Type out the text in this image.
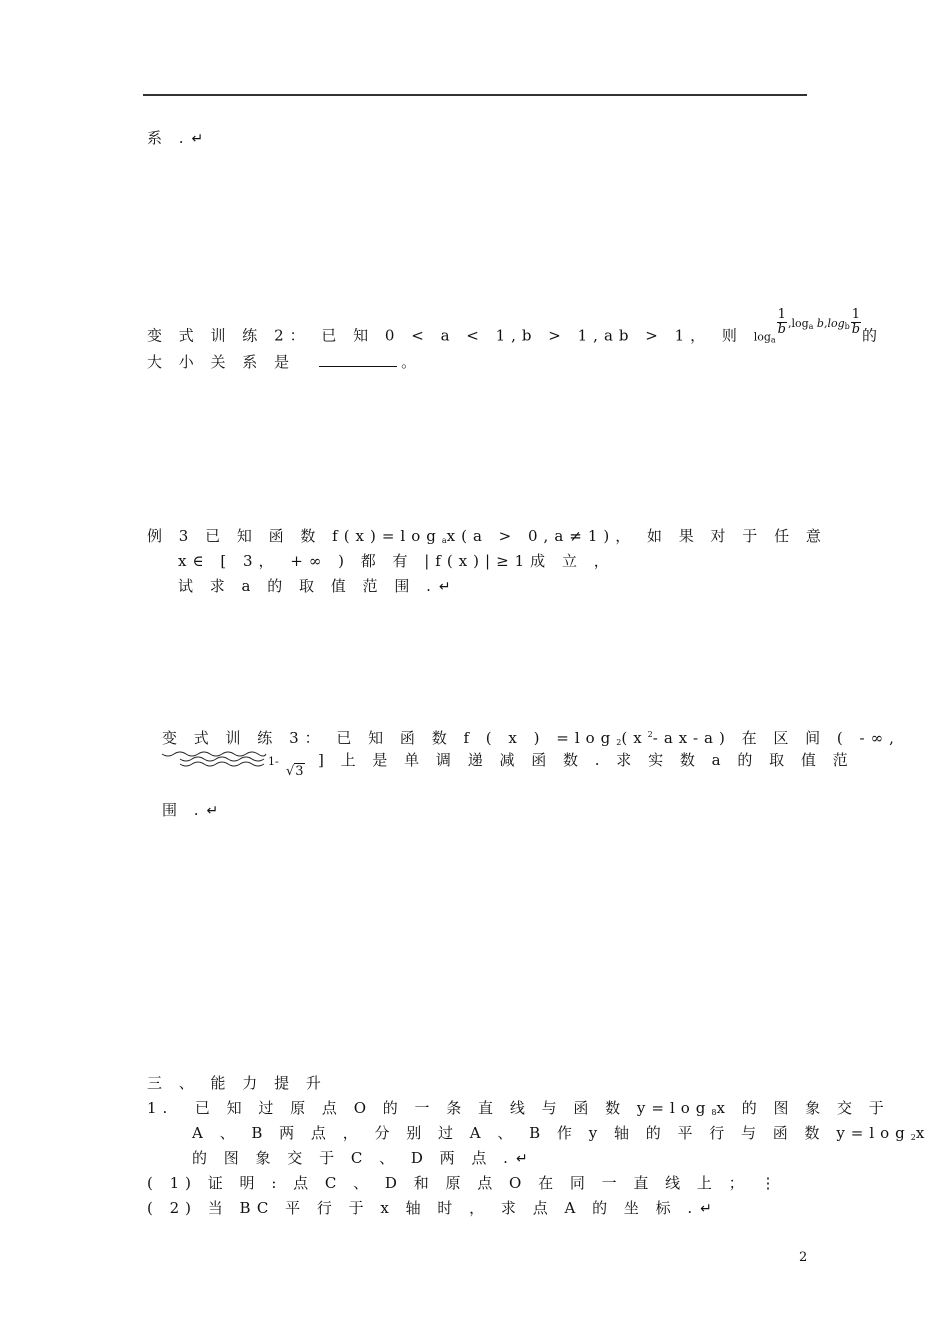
系 . ↵
变 式 训 练 2： 已 知 0 < a < 1,b > 1,ab > 1， 则 $\log_a$
$\frac{1}{b} ,\log_a$ $b,\log_b \frac{1}{b}$ 的
大 小 关 系 是	。
例 3 已 知 函 数 $f(x)=\log_ax(a > 0,a\ne 1)$， 如 果 对 于 任 意
x∈ [ 3， +∞ ) 都 有 |f(x)|≥1成 立 ，
试 求 a 的 取 值 范 围 . ↵
变 式 训 练 3： 已 知 函 数 f ( x ) $=\log_2(x^2-ax-a)$ 在 区 间 ( -∞,
1-
√3
] 上 是 单 调 递 减 函 数 . 求 实 数 a 的 取 值 范
围 . ↵
三 、 能 力 提 升
1.  已 知 过 原 点 O 的 一 条 直 线 与 函 数 $y=\log_8x$ 的 图 象 交 于
A 、 B 两 点 ， 分 别 过 A 、 B 作 y 轴 的 平 行 与 函 数 $y=\log_2x$
的 图 象 交 于 C 、 D 两 点 . ↵
( 1) 证 明 : 点 C 、 D 和 原 点 O 在 同 一 直 线 上 ； ⋮
( 2) 当 BC 平 行 于 x 轴 时 ， 求 点 A 的 坐 标 . ↵
2
